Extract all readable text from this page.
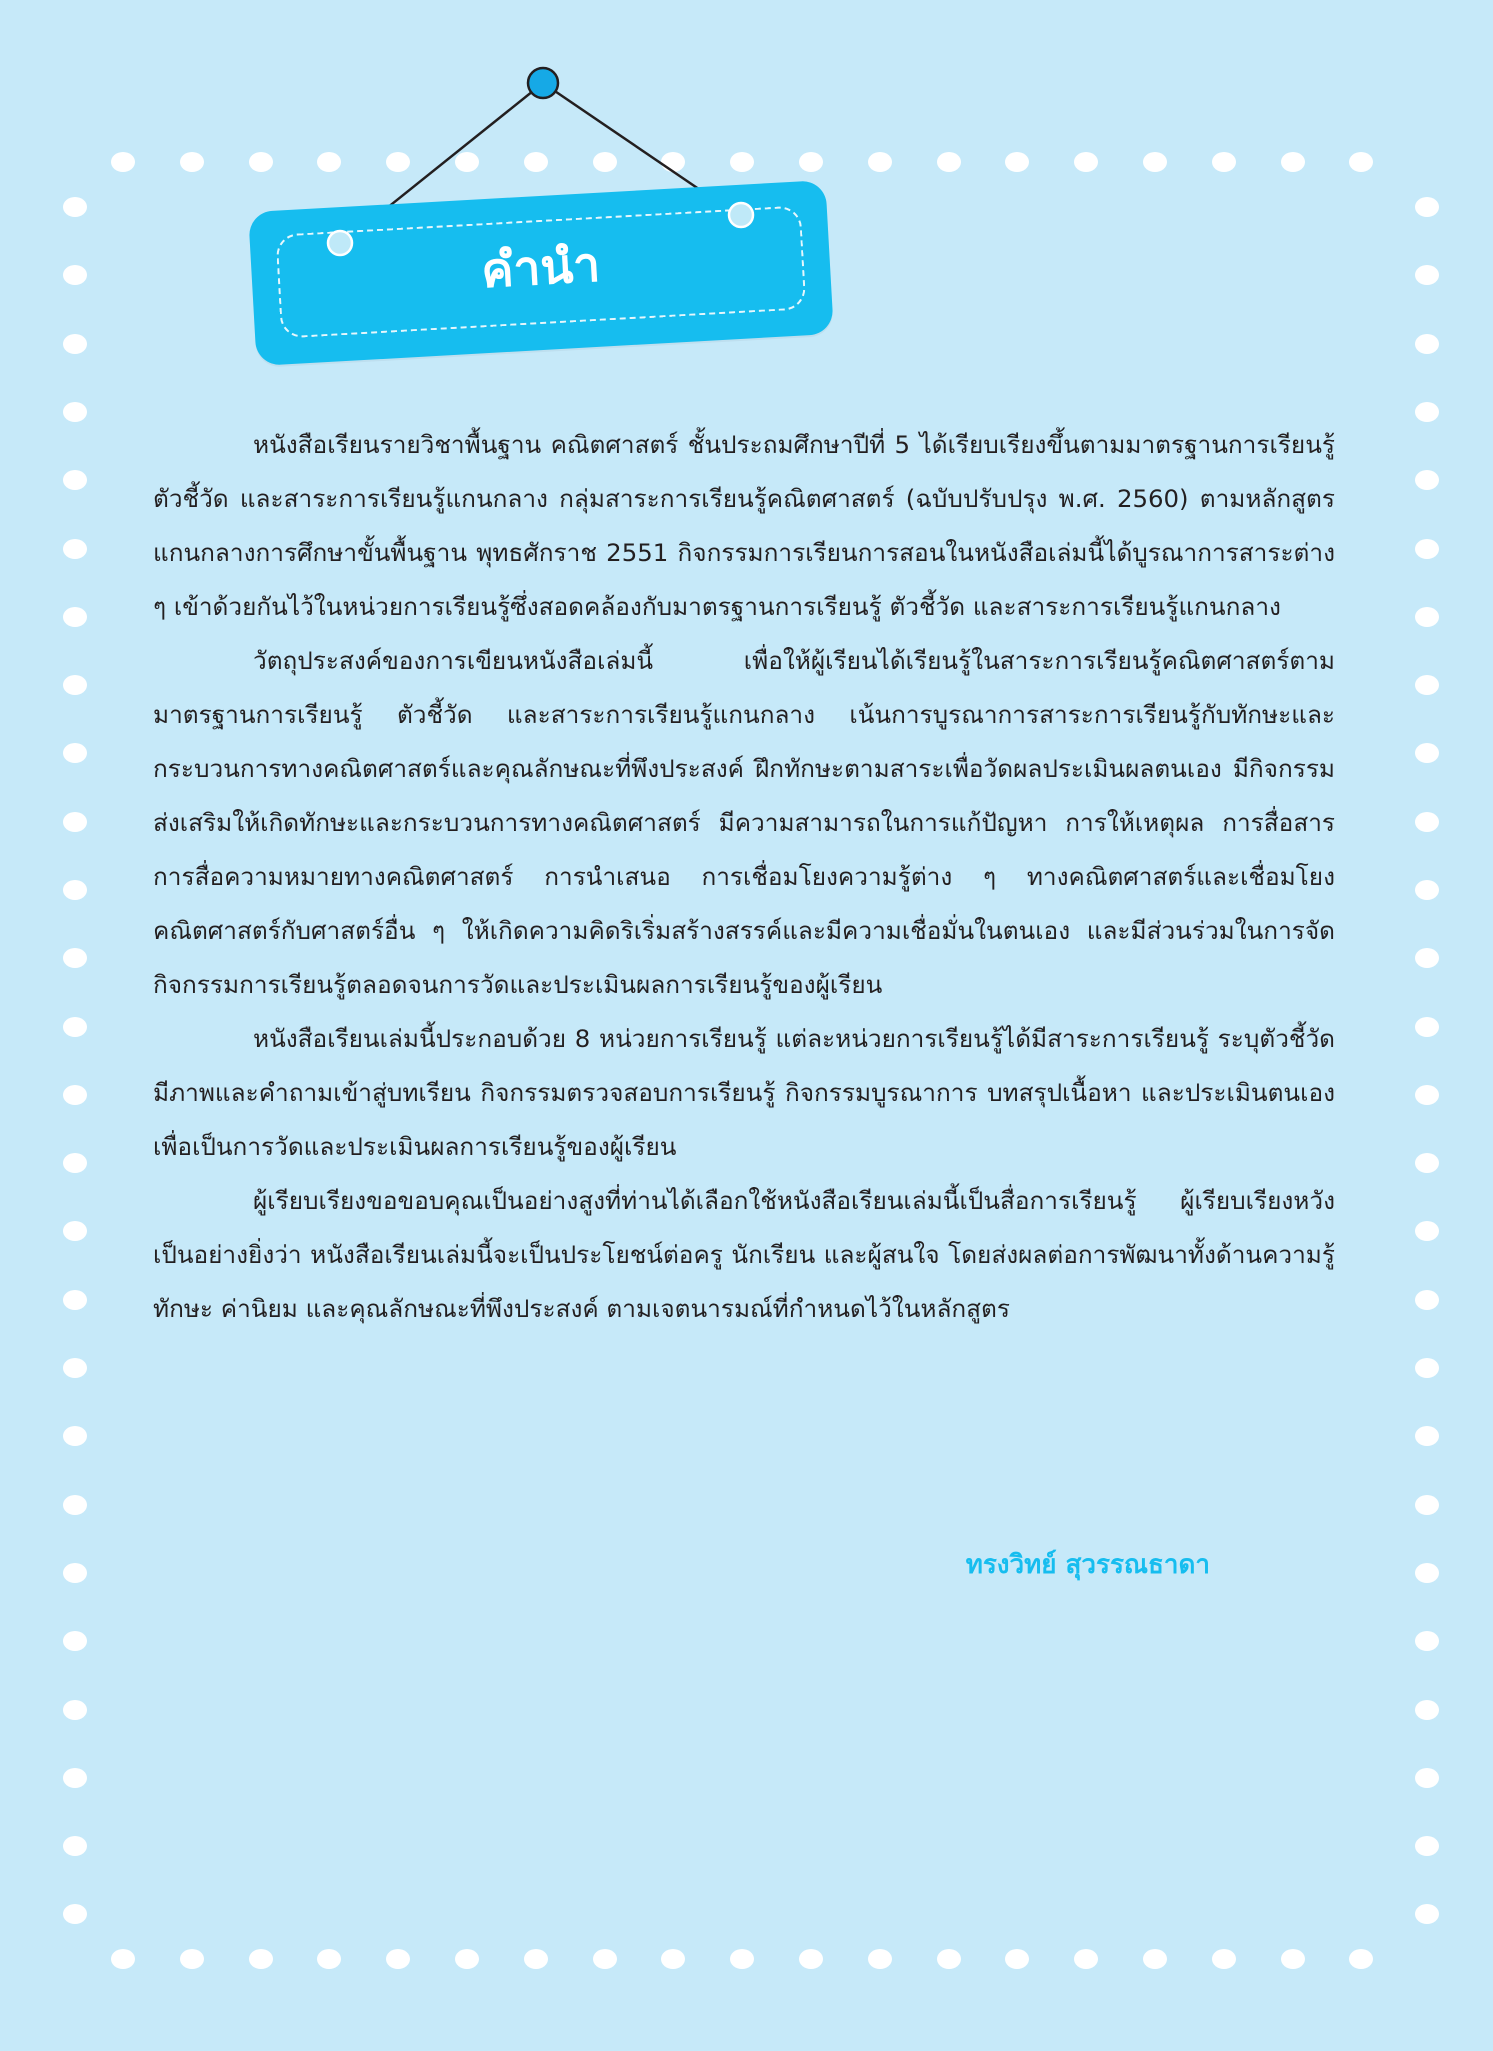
คำนำ

หนังสือเรียนรายวิชาพื้นฐาน คณิตศาสตร์ ชั้นประถมศึกษาปีที่ 5 ได้เรียบเรียงขึ้นตามมาตรฐานการเรียนรู้ ตัวชี้วัด และสาระการเรียนรู้แกนกลาง กลุ่มสาระการเรียนรู้คณิตศาสตร์ (ฉบับปรับปรุง พ.ศ. 2560) ตามหลักสูตรแกนกลางการศึกษาขั้นพื้นฐาน พุทธศักราช 2551 กิจกรรมการเรียนการสอนในหนังสือเล่มนี้ได้บูรณาการสาระต่าง ๆ เข้าด้วยกันไว้ในหน่วยการเรียนรู้ซึ่งสอดคล้องกับมาตรฐานการเรียนรู้ ตัวชี้วัด และสาระการเรียนรู้แกนกลาง

วัตถุประสงค์ของการเขียนหนังสือเล่มนี้ เพื่อให้ผู้เรียนได้เรียนรู้ในสาระการเรียนรู้คณิตศาสตร์ตามมาตรฐานการเรียนรู้ ตัวชี้วัด และสาระการเรียนรู้แกนกลาง เน้นการบูรณาการสาระการเรียนรู้กับทักษะและกระบวนการทางคณิตศาสตร์และคุณลักษณะที่พึงประสงค์ ฝึกทักษะตามสาระเพื่อวัดผลประเมินผลตนเอง มีกิจกรรมส่งเสริมให้เกิดทักษะและกระบวนการทางคณิตศาสตร์ มีความสามารถในการแก้ปัญหา การให้เหตุผล การสื่อสาร การสื่อความหมายทางคณิตศาสตร์ การนำเสนอ การเชื่อมโยงความรู้ต่าง ๆ ทางคณิตศาสตร์และเชื่อมโยงคณิตศาสตร์กับศาสตร์อื่น ๆ ให้เกิดความคิดริเริ่มสร้างสรรค์และมีความเชื่อมั่นในตนเอง และมีส่วนร่วมในการจัดกิจกรรมการเรียนรู้ตลอดจนการวัดและประเมินผลการเรียนรู้ของผู้เรียน

หนังสือเรียนเล่มนี้ประกอบด้วย 8 หน่วยการเรียนรู้ แต่ละหน่วยการเรียนรู้ได้มีสาระการเรียนรู้ ระบุตัวชี้วัด มีภาพและคำถามเข้าสู่บทเรียน กิจกรรมตรวจสอบการเรียนรู้ กิจกรรมบูรณาการ บทสรุปเนื้อหา และประเมินตนเองเพื่อเป็นการวัดและประเมินผลการเรียนรู้ของผู้เรียน

ผู้เรียบเรียงขอขอบคุณเป็นอย่างสูงที่ท่านได้เลือกใช้หนังสือเรียนเล่มนี้เป็นสื่อการเรียนรู้ ผู้เรียบเรียงหวังเป็นอย่างยิ่งว่า หนังสือเรียนเล่มนี้จะเป็นประโยชน์ต่อครู นักเรียน และผู้สนใจ โดยส่งผลต่อการพัฒนาทั้งด้านความรู้ ทักษะ ค่านิยม และคุณลักษณะที่พึงประสงค์ ตามเจตนารมณ์ที่กำหนดไว้ในหลักสูตร

ทรงวิทย์ สุวรรณธาดา
